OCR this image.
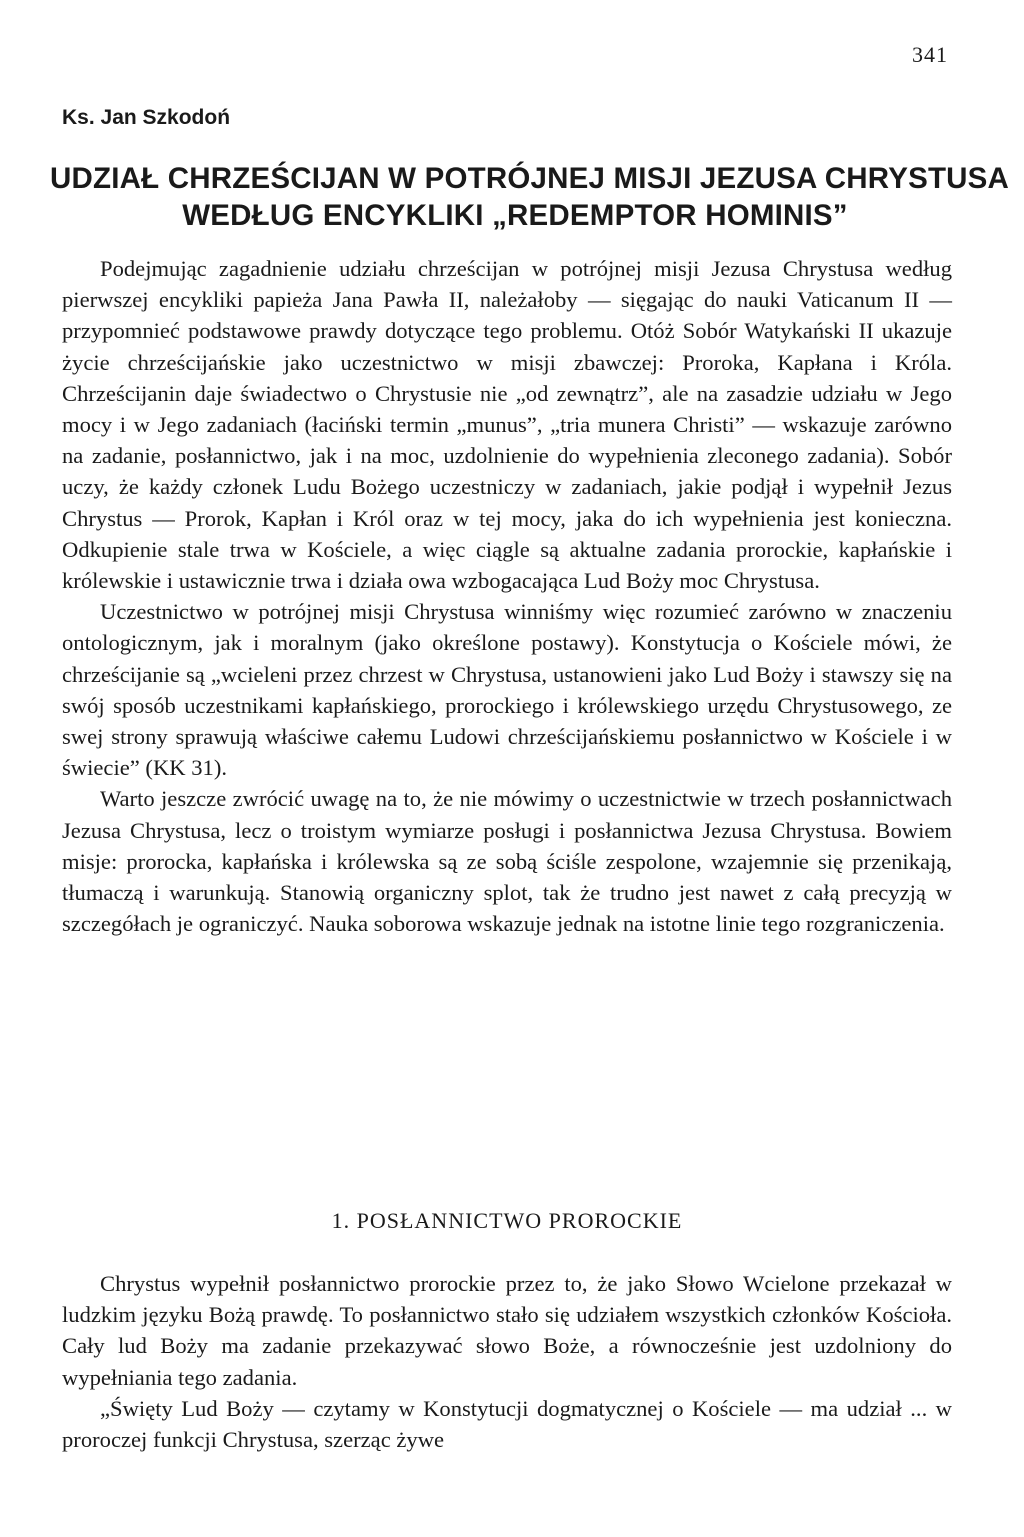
341
Ks. Jan Szkodoń
UDZIAŁ CHRZEŚCIJAN W POTRÓJNEJ MISJI JEZUSA CHRYSTUSA
WEDŁUG ENCYKLIKI „REDEMPTOR HOMINIS”

Podejmując zagadnienie udziału chrześcijan w potrójnej misji Jezusa Chrystusa według pierwszej encykliki papieża Jana Pawła II, należałoby — sięgając do nauki Vaticanum II — przypomnieć podstawowe prawdy dotyczące tego problemu. Otóż Sobór Watykański II ukazuje życie chrześcijańskie jako uczestnictwo w misji zbawczej: Proroka, Kapłana i Króla. Chrześcijanin daje świadectwo o Chrystusie nie „od zewnątrz”, ale na zasadzie udziału w Jego mocy i w Jego zadaniach (łaciński termin „munus”, „tria munera Christi” — wskazuje zarówno na zadanie, posłannictwo, jak i na moc, uzdolnienie do wypełnienia zleconego zadania). Sobór uczy, że każdy członek Ludu Bożego uczestniczy w zadaniach, jakie podjął i wypełnił Jezus Chrystus — Prorok, Kapłan i Król oraz w tej mocy, jaka do ich wypełnienia jest konieczna. Odkupienie stale trwa w Kościele, a więc ciągle są aktualne zadania prorockie, kapłańskie i królewskie i ustawicznie trwa i działa owa wzbogacająca Lud Boży moc Chrystusa.

Uczestnictwo w potrójnej misji Chrystusa winniśmy więc rozumieć zarówno w znaczeniu ontologicznym, jak i moralnym (jako określone postawy). Konstytucja o Kościele mówi, że chrześcijanie są „wcieleni przez chrzest w Chrystusa, ustanowieni jako Lud Boży i stawszy się na swój sposób uczestnikami kapłańskiego, prorockiego i królewskiego urzędu Chrystusowego, ze swej strony sprawują właściwe całemu Ludowi chrześcijańskiemu posłannictwo w Kościele i w świecie” (KK 31).

Warto jeszcze zwrócić uwagę na to, że nie mówimy o uczestnictwie w trzech posłannictwach Jezusa Chrystusa, lecz o troistym wymiarze posługi i posłannictwa Jezusa Chrystusa. Bowiem misje: prorocka, kapłańska i królewska są ze sobą ściśle zespolone, wzajemnie się przenikają, tłumaczą i warunkują. Stanowią organiczny splot, tak że trudno jest nawet z całą precyzją w szczegółach je ograniczyć. Nauka soborowa wskazuje jednak na istotne linie tego rozgraniczenia.

1. POSŁANNICTWO PROROCKIE

Chrystus wypełnił posłannictwo prorockie przez to, że jako Słowo Wcielone przekazał w ludzkim języku Bożą prawdę. To posłannictwo stało się udziałem wszystkich członków Kościoła. Cały lud Boży ma zadanie przekazywać słowo Boże, a równocześnie jest uzdolniony do wypełniania tego zadania.

„Święty Lud Boży — czytamy w Konstytucji dogmatycznej o Kościele — ma udział ... w proroczej funkcji Chrystusa, szerząc żywe
